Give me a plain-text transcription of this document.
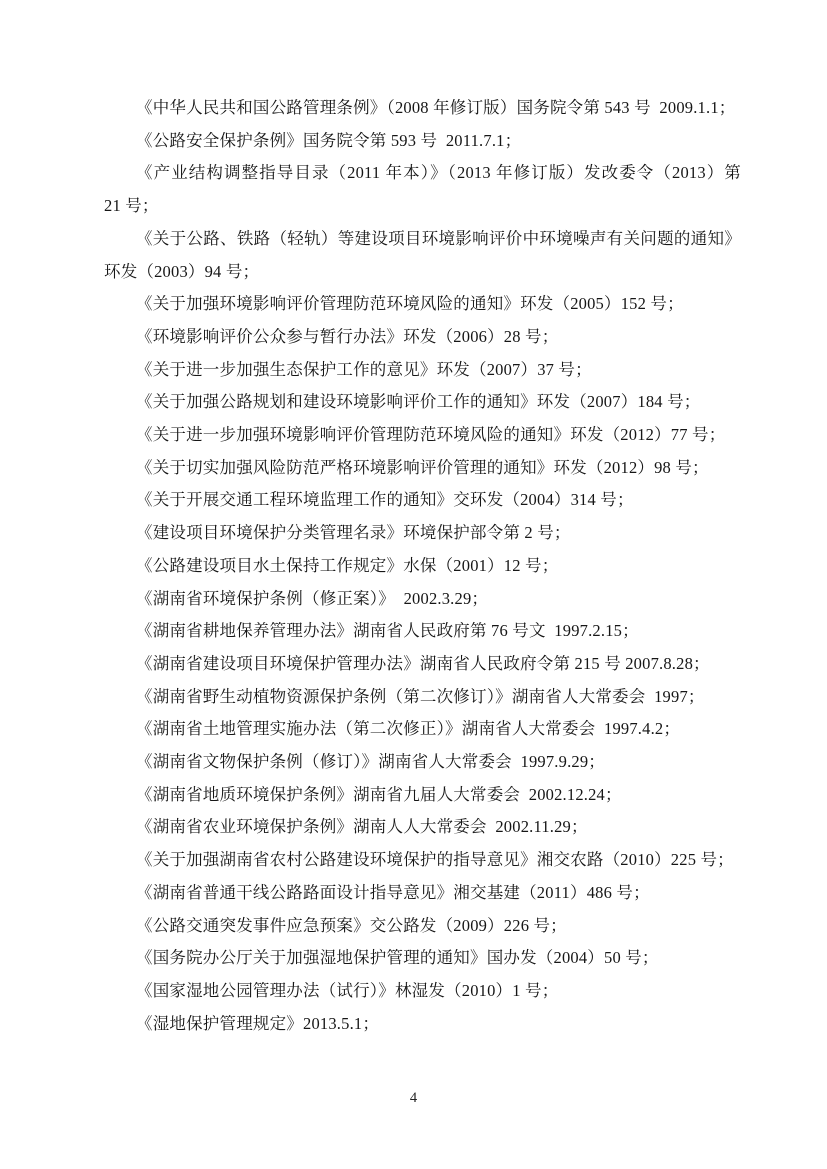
《中华人民共和国公路管理条例》（2008 年修订版）国务院令第 543 号  2009.1.1；
《公路安全保护条例》国务院令第 593 号  2011.7.1；
《产业结构调整指导目录（2011 年本）》（2013 年修订版）发改委令（2013）第
21 号；
《关于公路、铁路（轻轨）等建设项目环境影响评价中环境噪声有关问题的通知》
环发（2003）94 号；
《关于加强环境影响评价管理防范环境风险的通知》环发（2005）152 号；
《环境影响评价公众参与暂行办法》环发（2006）28 号；
《关于进一步加强生态保护工作的意见》环发（2007）37 号；
《关于加强公路规划和建设环境影响评价工作的通知》环发（2007）184 号；
《关于进一步加强环境影响评价管理防范环境风险的通知》环发（2012）77 号；
《关于切实加强风险防范严格环境影响评价管理的通知》环发（2012）98 号；
《关于开展交通工程环境监理工作的通知》交环发（2004）314 号；
《建设项目环境保护分类管理名录》环境保护部令第 2 号；
《公路建设项目水土保持工作规定》水保（2001）12 号；
《湖南省环境保护条例（修正案）》  2002.3.29；
《湖南省耕地保养管理办法》湖南省人民政府第 76 号文  1997.2.15；
《湖南省建设项目环境保护管理办法》湖南省人民政府令第 215 号 2007.8.28；
《湖南省野生动植物资源保护条例（第二次修订）》湖南省人大常委会  1997；
《湖南省土地管理实施办法（第二次修正）》湖南省人大常委会  1997.4.2；
《湖南省文物保护条例（修订）》湖南省人大常委会  1997.9.29；
《湖南省地质环境保护条例》湖南省九届人大常委会  2002.12.24；
《湖南省农业环境保护条例》湖南人人大常委会  2002.11.29；
《关于加强湖南省农村公路建设环境保护的指导意见》湘交农路（2010）225 号；
《湖南省普通干线公路路面设计指导意见》湘交基建（2011）486 号；
《公路交通突发事件应急预案》交公路发（2009）226 号；
《国务院办公厅关于加强湿地保护管理的通知》国办发（2004）50 号；
《国家湿地公园管理办法（试行）》林湿发（2010）1 号；
《湿地保护管理规定》2013.5.1；
4
